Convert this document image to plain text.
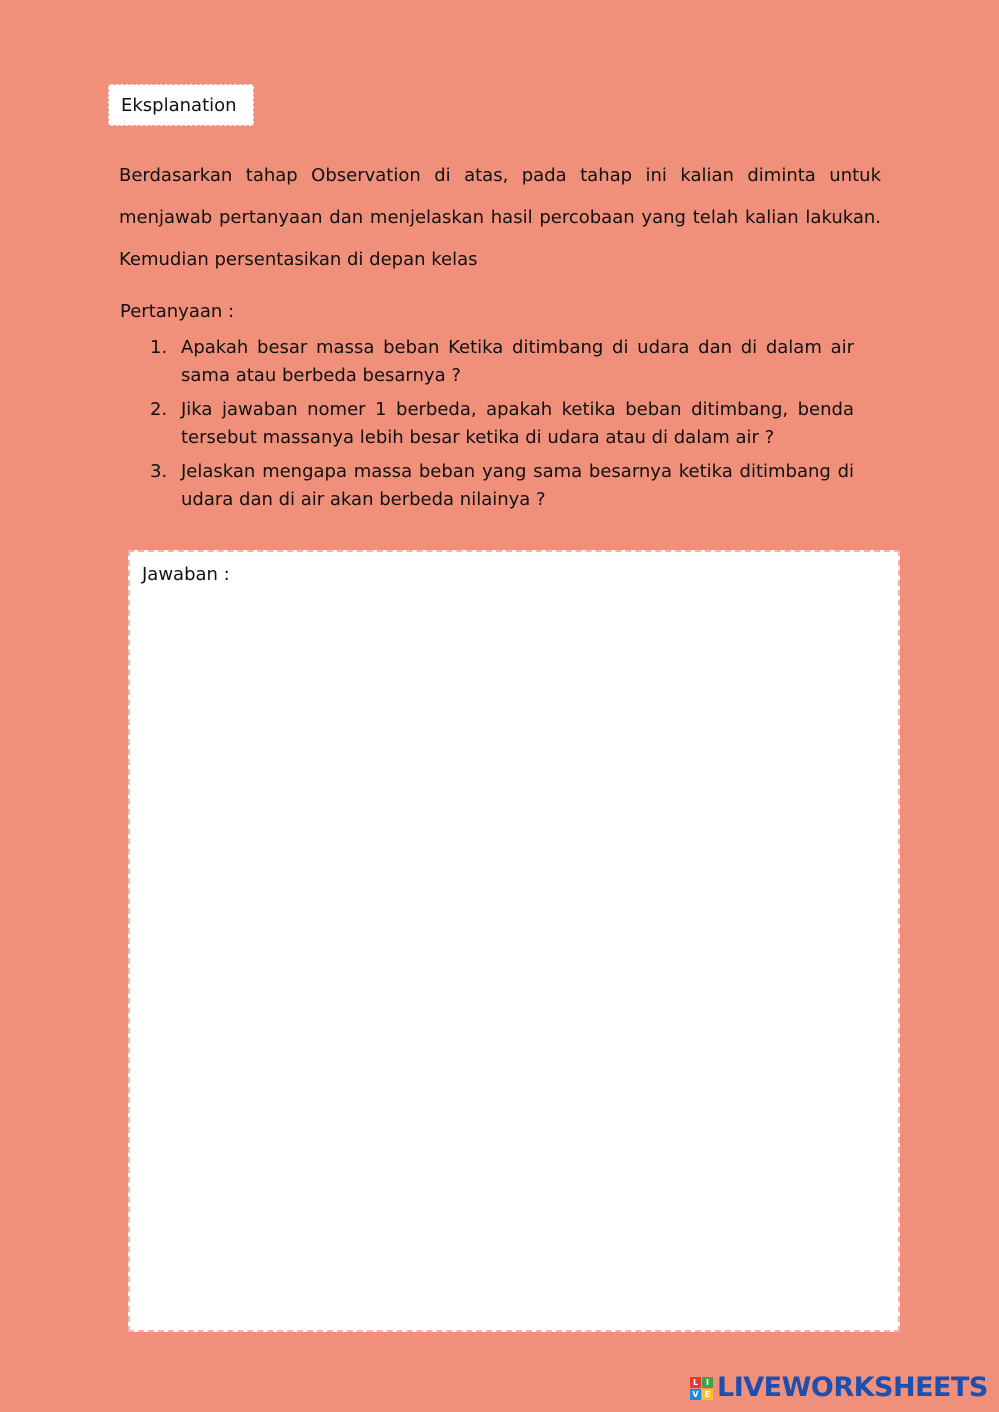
Eksplanation

Berdasarkan tahap Observation di atas, pada tahap ini kalian diminta untuk menjawab pertanyaan dan menjelaskan hasil percobaan yang telah kalian lakukan. Kemudian persentasikan di depan kelas

Pertanyaan :

1. Apakah besar massa beban Ketika ditimbang di udara dan di dalam air sama atau berbeda besarnya ?
2. Jika jawaban nomer 1 berbeda, apakah ketika beban ditimbang, benda tersebut massanya lebih besar ketika di udara atau di dalam air ?
3. Jelaskan mengapa massa beban yang sama besarnya ketika ditimbang di udara dan di air akan berbeda nilainya ?
Jawaban :
L I
V E LIVEWORKSHEETS
